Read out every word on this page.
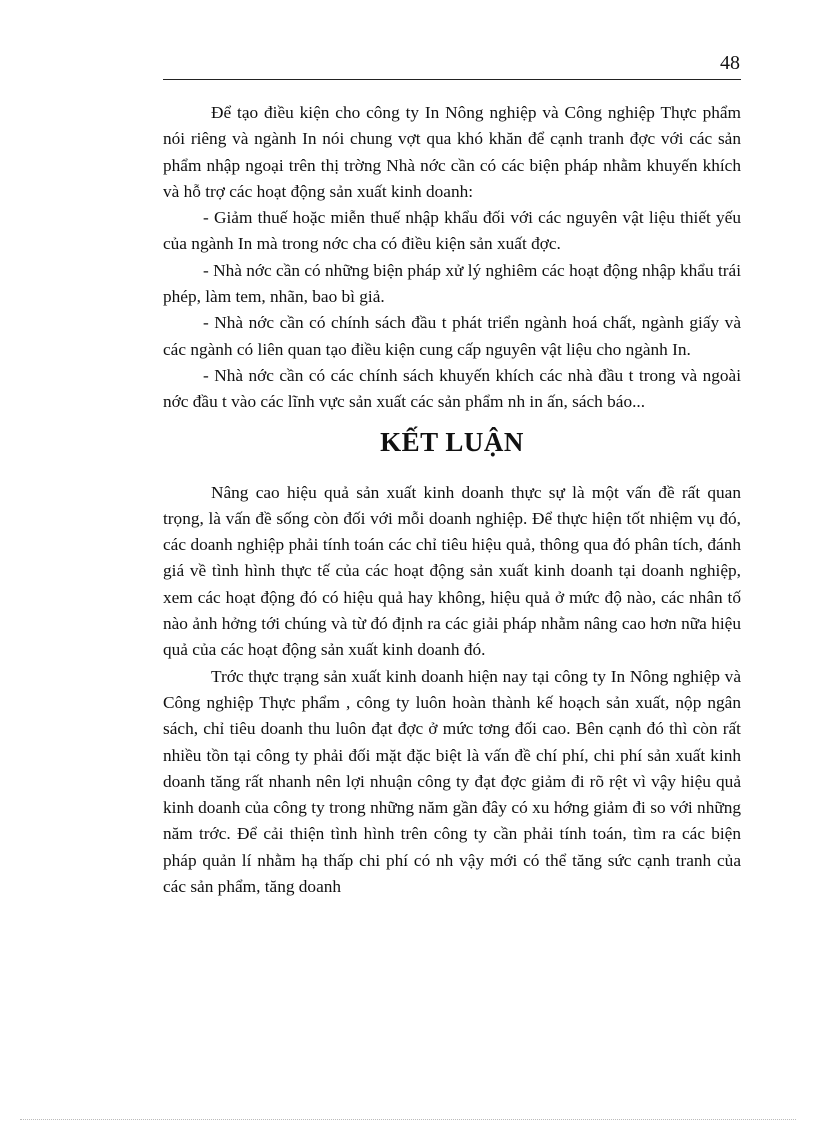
48

Để tạo điều kiện cho công ty In Nông nghiệp và Công nghiệp Thực phẩm nói riêng và ngành In nói chung vợt qua khó khăn để cạnh tranh đợc với các sản phẩm nhập ngoại trên thị trờng Nhà nớc cần có các biện pháp nhằm khuyến khích và hỗ trợ các hoạt động sản xuất kinh doanh:

- Giảm thuế hoặc miễn thuế nhập khẩu đối với các nguyên vật liệu thiết yếu của ngành In mà trong nớc cha có điều kiện sản xuất đợc.

- Nhà nớc cần có những biện pháp xử lý nghiêm các hoạt động nhập khẩu trái phép, làm tem, nhãn, bao bì giả.

- Nhà nớc cần có chính sách đầu t phát triển ngành hoá chất, ngành giấy và các ngành có liên quan tạo điều kiện cung cấp nguyên vật liệu cho ngành In.

- Nhà nớc cần có các chính sách khuyến khích các nhà đầu t trong và ngoài nớc đầu t vào các lĩnh vực sản xuất các sản phẩm nh in ấn, sách báo...

KẾT LUẬN

Nâng cao hiệu quả sản xuất kinh doanh thực sự là một vấn đề rất quan trọng, là vấn đề sống còn đối với mỗi doanh nghiệp. Để thực hiện tốt nhiệm vụ đó, các doanh nghiệp phải tính toán các chỉ tiêu hiệu quả, thông qua đó phân tích, đánh giá về tình hình thực tế của các hoạt động sản xuất kinh doanh tại doanh nghiệp, xem các hoạt động đó có hiệu quả hay không, hiệu quả ở mức độ nào, các nhân tố nào ảnh hởng tới chúng và từ đó định ra các giải pháp nhằm nâng cao hơn nữa hiệu quả của các hoạt động sản xuất kinh doanh đó.

Trớc thực trạng sản xuất kinh doanh hiện nay tại công ty In Nông nghiệp và Công nghiệp Thực phẩm , công ty luôn hoàn thành kế hoạch sản xuất, nộp ngân sách, chỉ tiêu doanh thu luôn đạt đợc ở mức tơng đối cao. Bên cạnh đó thì còn rất nhiều tồn tại công ty phải đối mặt đặc biệt là vấn đề chí phí, chi phí sản xuất kinh doanh tăng rất nhanh nên lợi nhuận công ty đạt đợc giảm đi rõ rệt vì vậy hiệu quả kinh doanh của công ty trong những năm gần đây có xu hớng giảm đi so với những năm trớc. Để cải thiện tình hình trên công ty cần phải tính toán, tìm ra các biện pháp quản lí nhằm hạ thấp chi phí có nh vậy mới có thể tăng sức cạnh tranh của các sản phẩm, tăng doanh
